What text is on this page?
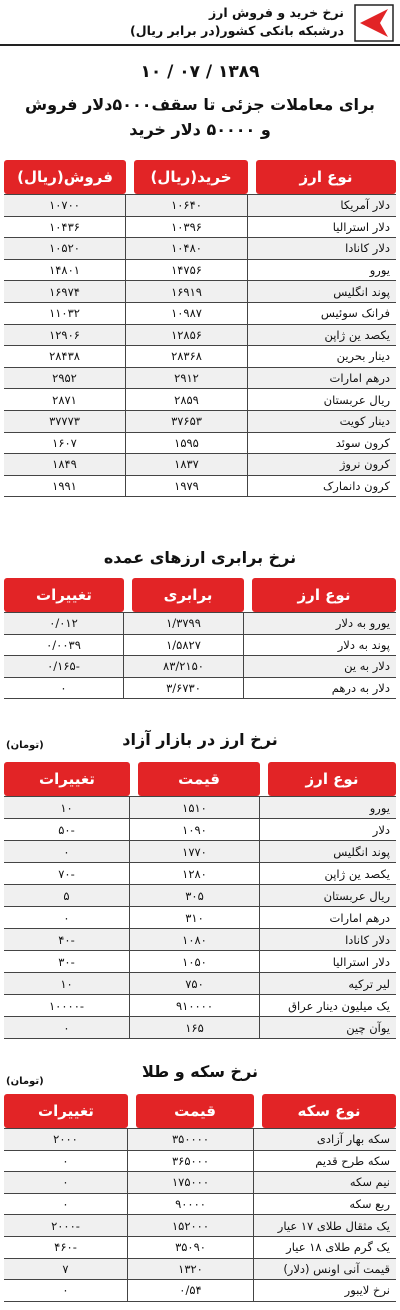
نرخ خرید و فروش ارز
درشبکه بانکی کشور(در برابر ریال)
۱۰ / ۰۷ / ۱۳۸۹
برای معاملات جزئی تا سقف۵۰۰۰دلار فروش
و ۵۰۰۰۰ دلار خرید
نوع ارز
خرید(ریال)
فروش(ریال)
دلار آمریکا
۱۰۶۴۰
۱۰۷۰۰
دلار استرالیا
۱۰۳۹۶
۱۰۴۳۶
دلار کانادا
۱۰۴۸۰
۱۰۵۲۰
یورو
۱۴۷۵۶
۱۴۸۰۱
پوند انگلیس
۱۶۹۱۹
۱۶۹۷۴
فرانک سوئیس
۱۰۹۸۷
۱۱۰۳۲
یکصد ین ژاپن
۱۲۸۵۶
۱۲۹۰۶
دینار بحرین
۲۸۳۶۸
۲۸۴۳۸
درهم امارات
۲۹۱۲
۲۹۵۲
ریال عربستان
۲۸۵۹
۲۸۷۱
دینار کویت
۳۷۶۵۳
۳۷۷۷۳
کرون سوئد
۱۵۹۵
۱۶۰۷
کرون نروژ
۱۸۳۷
۱۸۴۹
کرون دانمارک
۱۹۷۹
۱۹۹۱
نرخ برابری ارزهای عمده
نوع ارز
برابری
تغییرات
یورو به دلار
۱/۳۷۹۹
۰/۰۱۲
پوند به دلار
۱/۵۸۲۷
۰/۰۰۳۹
دلار به ین
۸۳/۲۱۵۰
-۰/۱۶۵
دلار به درهم
۳/۶۷۳۰
۰
(تومان)	نرخ ارز در بازار آزاد
نوع ارز
قیمت
تغییرات
یورو
۱۵۱۰
۱۰
دلار
۱۰۹۰
-۵۰
پوند انگلیس
۱۷۷۰
۰
یکصد ین ژاپن
۱۲۸۰
-۷۰
ریال عربستان
۳۰۵
۵
درهم امارات
۳۱۰
۰
دلار کانادا
۱۰۸۰
-۴۰
دلار استرالیا
۱۰۵۰
-۳۰
لیر ترکیه
۷۵۰
۱۰
یک میلیون دینار عراق
۹۱۰۰۰۰
-۱۰۰۰۰
یوآن چین
۱۶۵
۰
(تومان)
نرخ سکه و طلا
نوع سکه
قیمت
تغییرات
سکه بهار آزادی
۳۵۰۰۰۰
۲۰۰۰
سکه طرح قدیم
۳۶۵۰۰۰
۰
نیم سکه
۱۷۵۰۰۰
۰
ربع سکه
۹۰۰۰۰
۰
یک مثقال طلای ۱۷ عیار
۱۵۲۰۰۰
-۲۰۰۰
یک گرم طلای ۱۸ عیار
۳۵۰۹۰
-۴۶۰
قیمت آنی اونس (دلار)
۱۳۲۰
۷
نرخ لایبور
۰/۵۴
۰
